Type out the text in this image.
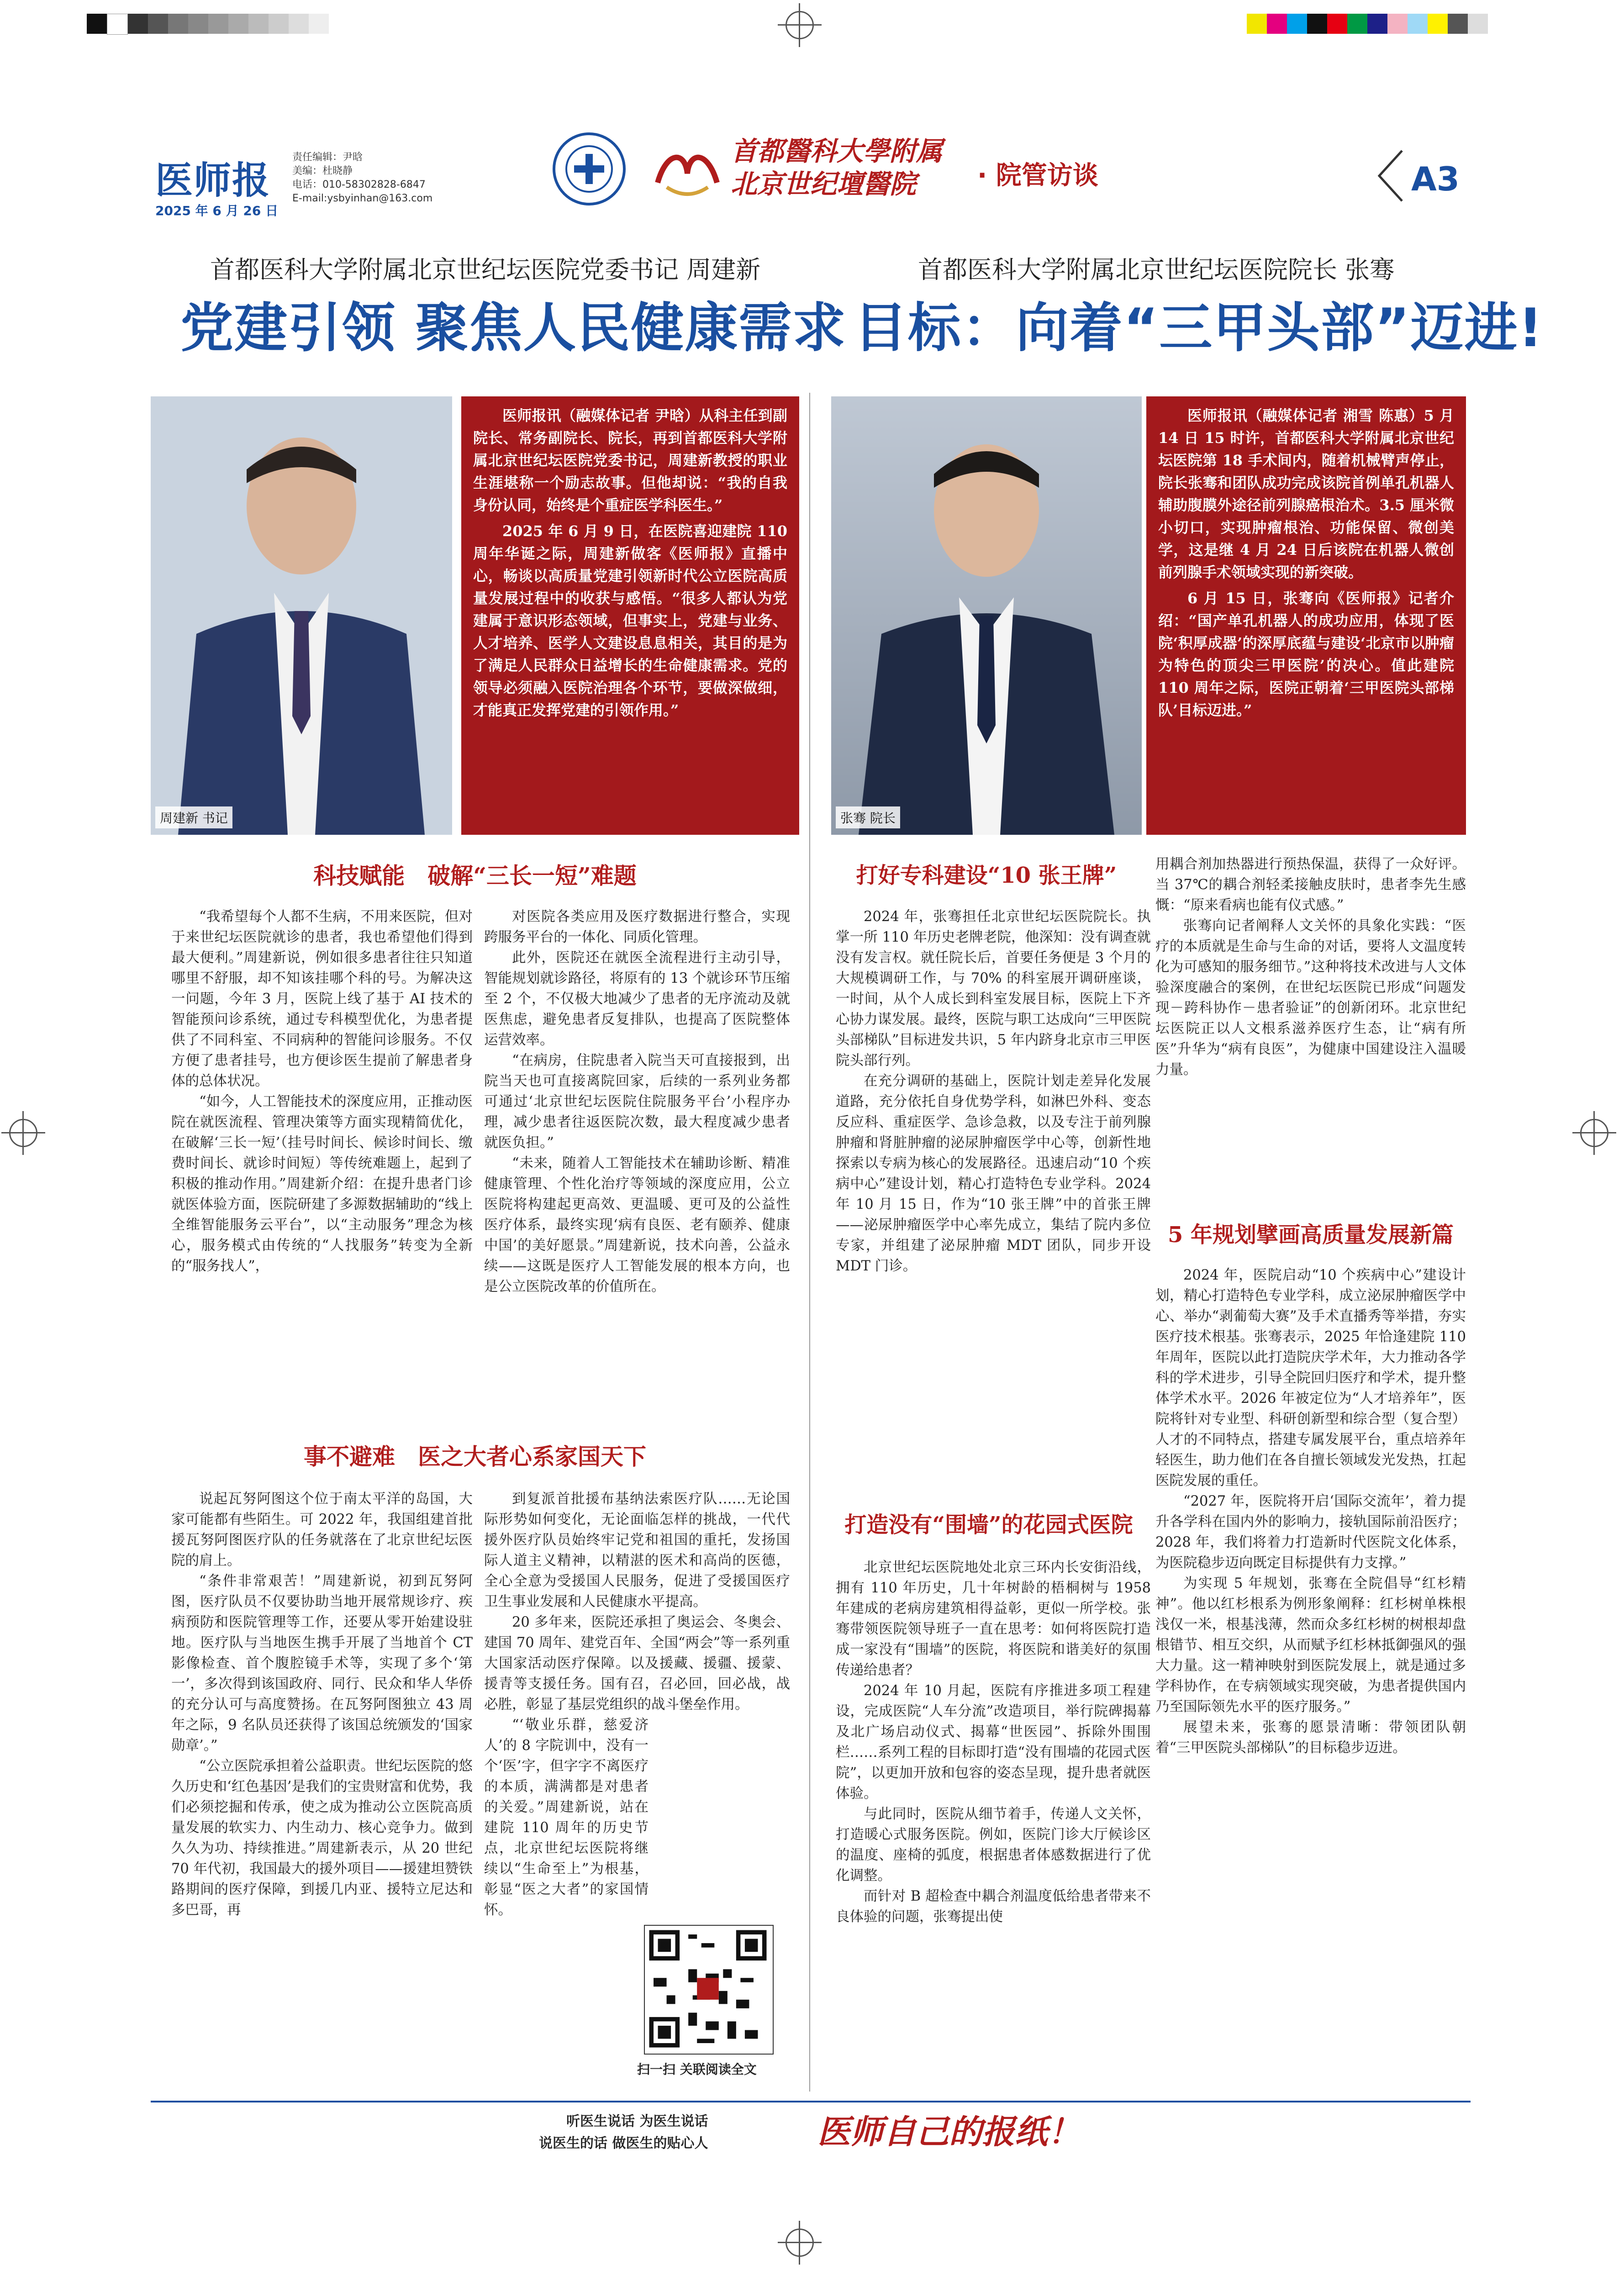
医师报
2025 年 6 月 26 日
责任编辑：尹晗
美编：杜晓静
电话：010-58302828-6847
E-mail:ysbyinhan@163.com
首都醫科大學附属
北京世纪壇醫院	· 院管访谈	A3
首都医科大学附属北京世纪坛医院党委书记 周建新
党建引领 聚焦人民健康需求
周建新 书记

医师报讯（融媒体记者 尹晗）从科主任到副院长、常务副院长、院长，再到首都医科大学附属北京世纪坛医院党委书记，周建新教授的职业生涯堪称一个励志故事。但他却说：“我的自我身份认同，始终是个重症医学科医生。”

2025 年 6 月 9 日，在医院喜迎建院 110 周年华诞之际，周建新做客《医师报》直播中心，畅谈以高质量党建引领新时代公立医院高质量发展过程中的收获与感悟。“很多人都认为党建属于意识形态领域，但事实上，党建与业务、人才培养、医学人文建设息息相关，其目的是为了满足人民群众日益增长的生命健康需求。党的领导必须融入医院治理各个环节，要做深做细，才能真正发挥党建的引领作用。”

科技赋能　破解“三长一短”难题

“我希望每个人都不生病，不用来医院，但对于来世纪坛医院就诊的患者，我也希望他们得到最大便利。”周建新说，例如很多患者往往只知道哪里不舒服，却不知该挂哪个科的号。为解决这一问题，今年 3 月，医院上线了基于 AI 技术的智能预问诊系统，通过专科模型优化，为患者提供了不同科室、不同病种的智能问诊服务。不仅方便了患者挂号，也方便诊医生提前了解患者身体的总体状况。

“如今，人工智能技术的深度应用，正推动医院在就医流程、管理决策等方面实现精简优化，在破解‘三长一短’（挂号时间长、候诊时间长、缴费时间长、就诊时间短）等传统难题上，起到了积极的推动作用。”周建新介绍：在提升患者门诊就医体验方面，医院研建了多源数据辅助的“线上全维智能服务云平台”，以“主动服务”理念为核心，服务模式由传统的“人找服务”转变为全新的“服务找人”，

对医院各类应用及医疗数据进行整合，实现跨服务平台的一体化、同质化管理。

此外，医院还在就医全流程进行主动引导，智能规划就诊路径，将原有的 13 个就诊环节压缩至 2 个，不仅极大地减少了患者的无序流动及就医焦虑，避免患者反复排队，也提高了医院整体运营效率。

“在病房，住院患者入院当天可直接报到，出院当天也可直接离院回家，后续的一系列业务都可通过‘北京世纪坛医院住院服务平台’小程序办理，减少患者往返医院次数，最大程度减少患者就医负担。”

“未来，随着人工智能技术在辅助诊断、精准健康管理、个性化治疗等领域的深度应用，公立医院将构建起更高效、更温暖、更可及的公益性医疗体系，最终实现‘病有良医、老有颐养、健康中国’的美好愿景。”周建新说，技术向善，公益永续——这既是医疗人工智能发展的根本方向，也是公立医院改革的价值所在。

事不避难　医之大者心系家国天下

说起瓦努阿图这个位于南太平洋的岛国，大家可能都有些陌生。可 2022 年，我国组建首批援瓦努阿图医疗队的任务就落在了北京世纪坛医院的肩上。

“条件非常艰苦！”周建新说，初到瓦努阿图，医疗队员不仅要协助当地开展常规诊疗、疾病预防和医院管理等工作，还要从零开始建设驻地。医疗队与当地医生携手开展了当地首个 CT 影像检查、首个腹腔镜手术等，实现了多个‘第一’，多次得到该国政府、同行、民众和华人华侨的充分认可与高度赞扬。在瓦努阿图独立 43 周年之际，9 名队员还获得了该国总统颁发的‘国家勋章’。”

“公立医院承担着公益职责。世纪坛医院的悠久历史和‘红色基因’是我们的宝贵财富和优势，我们必须挖掘和传承，使之成为推动公立医院高质量发展的软实力、内生动力、核心竞争力。做到久久为功、持续推进。”周建新表示，从 20 世纪 70 年代初，我国最大的援外项目——援建坦赞铁路期间的医疗保障，到援几内亚、援特立尼达和多巴哥，再

到复派首批援布基纳法索医疗队……无论国际形势如何变化，无论面临怎样的挑战，一代代援外医疗队员始终牢记党和祖国的重托，发扬国际人道主义精神，以精湛的医术和高尚的医德，全心全意为受援国人民服务，促进了受援国医疗卫生事业发展和人民健康水平提高。

20 多年来，医院还承担了奥运会、冬奥会、建国 70 周年、建党百年、全国“两会”等一系列重大国家活动医疗保障。以及援藏、援疆、援蒙、援青等支援任务。国有召，召必回，回必战，战必胜，彰显了基层党组织的战斗堡垒作用。

“‘敬业乐群，慈爱济人’的 8 字院训中，没有一个‘医’字，但字字不离医疗的本质，满满都是对患者的关爱。”周建新说，站在建院 110 周年的历史节点，北京世纪坛医院将继续以“生命至上”为根基，彰显“医之大者”的家国情怀。

扫一扫 关联阅读全文
首都医科大学附属北京世纪坛医院院长 张骞
目标：向着“三甲头部”迈进!
张骞 院长

医师报讯（融媒体记者 湘雪 陈惠）5 月 14 日 15 时许，首都医科大学附属北京世纪坛医院第 18 手术间内，随着机械臂声停止，院长张骞和团队成功完成该院首例单孔机器人辅助腹膜外途径前列腺癌根治术。3.5 厘米微小切口，实现肿瘤根治、功能保留、微创美学，这是继 4 月 24 日后该院在机器人微创前列腺手术领域实现的新突破。

6 月 15 日，张骞向《医师报》记者介绍：“国产单孔机器人的成功应用，体现了医院‘积厚成器’的深厚底蕴与建设‘北京市以肿瘤为特色的顶尖三甲医院’的决心。值此建院 110 周年之际，医院正朝着‘三甲医院头部梯队’目标迈进。”

打好专科建设“10 张王牌”

2024 年，张骞担任北京世纪坛医院院长。执掌一所 110 年历史老牌老院，他深知：没有调查就没有发言权。就任院长后，首要任务便是 3 个月的大规模调研工作，与 70% 的科室展开调研座谈，一时间，从个人成长到科室发展目标，医院上下齐心协力谋发展。最终，医院与职工达成向“三甲医院头部梯队”目标进发共识，5 年内跻身北京市三甲医院头部行列。

在充分调研的基础上，医院计划走差异化发展道路，充分依托自身优势学科，如淋巴外科、变态反应科、重症医学、急诊急救，以及专注于前列腺肿瘤和肾脏肿瘤的泌尿肿瘤医学中心等，创新性地探索以专病为核心的发展路径。迅速启动“10 个疾病中心”建设计划，精心打造特色专业学科。2024 年 10 月 15 日，作为“10 张王牌”中的首张王牌——泌尿肿瘤医学中心率先成立，集结了院内多位专家，并组建了泌尿肿瘤 MDT 团队，同步开设 MDT 门诊。

打造没有“围墙”的花园式医院

北京世纪坛医院地处北京三环内长安街沿线，拥有 110 年历史，几十年树龄的梧桐树与 1958 年建成的老病房建筑相得益彰，更似一所学校。张骞带领医院领导班子一直在思考：如何将医院打造成一家没有“围墙”的医院，将医院和谐美好的氛围传递给患者？

2024 年 10 月起，医院有序推进多项工程建设，完成医院“人车分流”改造项目，举行院碑揭幕及北广场启动仪式、揭幕“世医园”、拆除外围围栏……系列工程的目标即打造“没有围墙的花园式医院”，以更加开放和包容的姿态呈现，提升患者就医体验。

与此同时，医院从细节着手，传递人文关怀，打造暖心式服务医院。例如，医院门诊大厅候诊区的温度、座椅的弧度，根据患者体感数据进行了优化调整。

而针对 B 超检查中耦合剂温度低给患者带来不良体验的问题，张骞提出使

用耦合剂加热器进行预热保温，获得了一众好评。当 37℃的耦合剂轻柔接触皮肤时，患者李先生感慨：“原来看病也能有仪式感。”

张骞向记者阐释人文关怀的具象化实践：“医疗的本质就是生命与生命的对话，要将人文温度转化为可感知的服务细节。”这种将技术改进与人文体验深度融合的案例，在世纪坛医院已形成“问题发现－跨科协作－患者验证”的创新闭环。北京世纪坛医院正以人文根系滋养医疗生态，让“病有所医”升华为“病有良医”，为健康中国建设注入温暖力量。

5 年规划擘画高质量发展新篇

2024 年，医院启动“10 个疾病中心”建设计划，精心打造特色专业学科，成立泌尿肿瘤医学中心、举办“剥葡萄大赛”及手术直播秀等举措，夯实医疗技术根基。张骞表示，2025 年恰逢建院 110 年周年，医院以此打造院庆学术年，大力推动各学科的学术进步，引导全院回归医疗和学术，提升整体学术水平。2026 年被定位为“人才培养年”，医院将针对专业型、科研创新型和综合型（复合型）人才的不同特点，搭建专属发展平台，重点培养年轻医生，助力他们在各自擅长领域发光发热，扛起医院发展的重任。

“2027 年，医院将开启‘国际交流年’，着力提升各学科在国内外的影响力，接轨国际前沿医疗；2028 年，我们将着力打造新时代医院文化体系，为医院稳步迈向既定目标提供有力支撑。”

为实现 5 年规划，张骞在全院倡导“红杉精神”。他以红杉根系为例形象阐释：红杉树单株根浅仅一米，根基浅薄，然而众多红杉树的树根却盘根错节、相互交织，从而赋予红杉林抵御强风的强大力量。这一精神映射到医院发展上，就是通过多学科协作，在专病领域实现突破，为患者提供国内乃至国际领先水平的医疗服务。”

展望未来，张骞的愿景清晰：带领团队朝着“三甲医院头部梯队”的目标稳步迈进。

听医生说话 为医生说话
说医生的话 做医生的贴心人	医师自己的报纸！
